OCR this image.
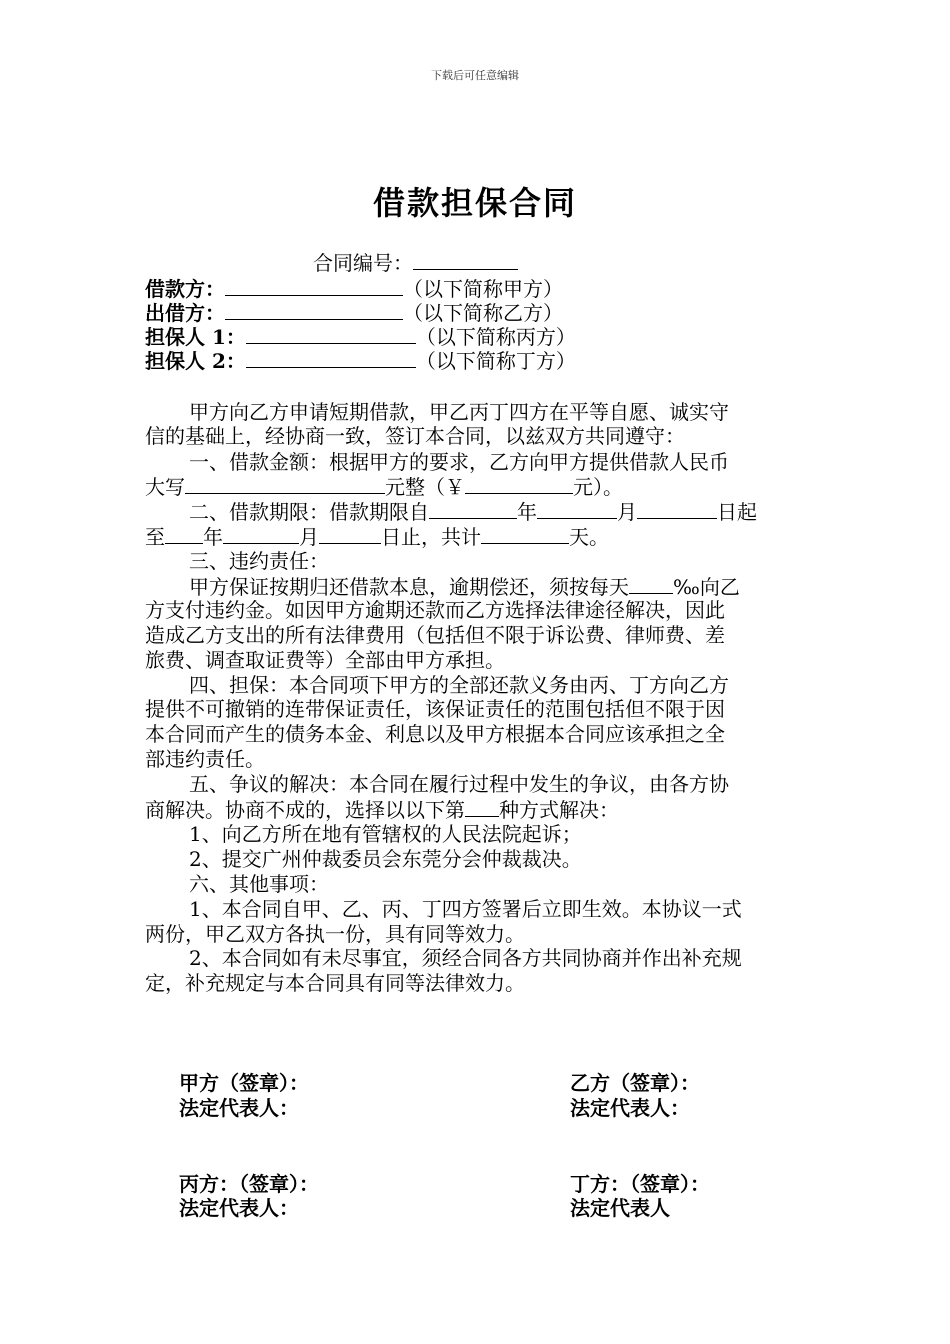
下载后可任意编辑
借款担保合同
合同编号：
借款方：	（以下简称甲方）
出借方：	（以下简称乙方）
担保人 1：	（以下简称丙方）
担保人 2：	（以下简称丁方）
甲方向乙方申请短期借款，甲乙丙丁四方在平等自愿、诚实守
信的基础上，经协商一致，签订本合同，以兹双方共同遵守：
一、借款金额：根据甲方的要求，乙方向甲方提供借款人民币
大写	元整（￥	元）。
二、借款期限：借款期限自	年	月	日起
至 年	月	日止，共计	天。
三、违约责任：
甲方保证按期归还借款本息，逾期偿还，须按每天 ‰向乙
方支付违约金。如因甲方逾期还款而乙方选择法律途径解决，因此
造成乙方支出的所有法律费用（包括但不限于诉讼费、律师费、差
旅费、调查取证费等）全部由甲方承担。
四、担保：本合同项下甲方的全部还款义务由丙、丁方向乙方
提供不可撤销的连带保证责任，该保证责任的范围包括但不限于因
本合同而产生的债务本金、利息以及甲方根据本合同应该承担之全
部违约责任。
五、争议的解决：本合同在履行过程中发生的争议，由各方协
商解决。协商不成的，选择以以下第 种方式解决：
1、向乙方所在地有管辖权的人民法院起诉；
2、提交广州仲裁委员会东莞分会仲裁裁决。
六、其他事项：
1、本合同自甲、乙、丙、丁四方签署后立即生效。本协议一式
两份，甲乙双方各执一份，具有同等效力。
2、本合同如有未尽事宜，须经合同各方共同协商并作出补充规
定，补充规定与本合同具有同等法律效力。
甲方（签章）：
法定代表人：
乙方（签章）：
法定代表人：
丙方：（签章）：
法定代表人：
丁方：（签章）：
法定代表人
